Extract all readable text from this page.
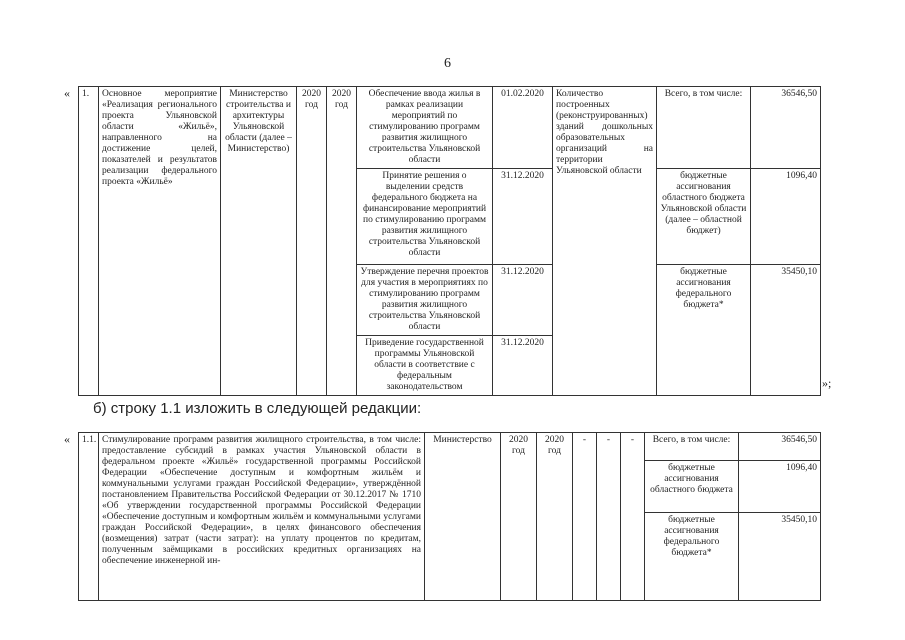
6
«
»;
1.	Основное мероприятие «Реализация регионального проекта Ульяновской области «Жильё», направленного на достижение целей, показателей и результатов реализации федерального проекта «Жильё»	Министерство строительства и архитектуры Ульяновской области (далее – Министерство)	2020 год	2020 год	Обеспечение ввода жилья в рамках реализации мероприятий по стимулированию программ развития жилищного строительства Ульяновской области	01.02.2020	Количество построенных (реконструированных) зданий дошкольных образовательных организаций на территории Ульяновской области	Всего, в том числе:	36546,50
					Принятие решения о выделении средств федерального бюджета на финансирование мероприятий по стимулированию программ развития жилищного строительства Ульяновской области	31.12.2020		бюджетные ассигнования областного бюджета Ульяновской области (далее – областной бюджет)	1096,40
					Утверждение перечня проектов для участия в мероприятиях по стимулированию программ развития жилищного строительства Ульяновской области	31.12.2020		бюджетные ассигнования федерального бюджета*	35450,10
					Приведение государственной программы Ульяновской области в соответствие с федеральным законодательством	31.12.2020			
б) строку 1.1 изложить в следующей редакции:
« 1.1.	Стимулирование программ развития жилищного строительства, в том числе: предоставление субсидий в рамках участия Ульяновской области в федеральном проекте «Жильё» государственной программы Российской Федерации «Обеспечение доступным и комфортным жильём и коммунальными услугами граждан Российской Федерации», утверждённой постановлением Правительства Российской Федерации от 30.12.2017 № 1710 «Об утверждении государственной программы Российской Федерации «Обеспечение доступным и комфортным жильём и коммунальными услугами граждан Российской Федерации», в целях финансового обеспечения (возмещения) затрат (части затрат): на уплату процентов по кредитам, полученным заёмщиками в российских кредитных организациях на обеспечение инженерной ин-	Министерство	2020 год	2020 год	-	-	-	Всего, в том числе:	36546,50
								бюджетные ассигнования областного бюджета	1096,40
								бюджетные ассигнования федерального бюджета*	35450,10
